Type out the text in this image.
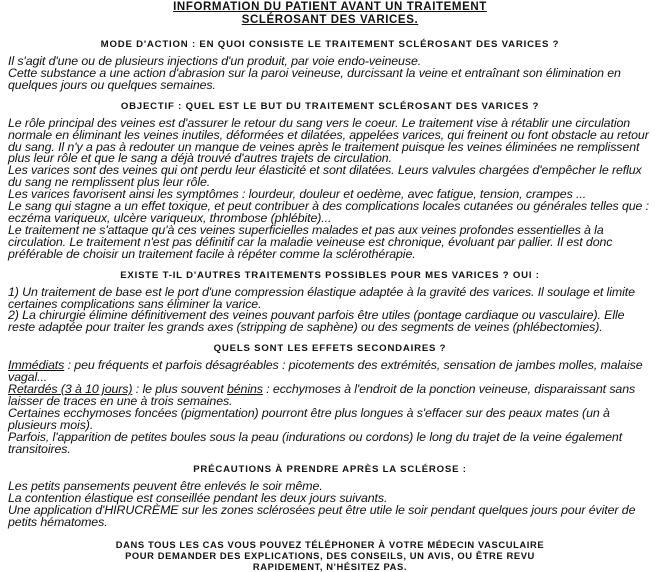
INFORMATION DU PATIENT AVANT UN TRAITEMENT
SCLÉROSANT DES VARICES.
MODE D'ACTION : EN QUOI CONSISTE LE TRAITEMENT SCLÉROSANT DES VARICES ?

Il s'agit d'une ou de plusieurs injections d'un produit, par voie endo-veineuse.

Cette substance a une action d'abrasion sur la paroi veineuse, durcissant la veine et entraînant son élimination en quelques jours ou quelques semaines.

OBJECTIF : QUEL EST LE BUT DU TRAITEMENT SCLÉROSANT DES VARICES ?

Le rôle principal des veines est d'assurer le retour du sang vers le coeur. Le traitement vise à rétablir une circulation normale en éliminant les veines inutiles, déformées et dilatées, appelées varices, qui freinent ou font obstacle au retour du sang. Il n'y a pas à redouter un manque de veines après le traitement puisque les veines éliminées ne remplissent plus leur rôle et que le sang a déjà trouvé d'autres trajets de circulation.

Les varices sont des veines qui ont perdu leur élasticité et sont dilatées. Leurs valvules chargées d'empêcher le reflux du sang ne remplissent plus leur rôle.

Les varices favorisent ainsi les symptômes : lourdeur, douleur et oedème, avec fatigue, tension, crampes ...

Le sang qui stagne a un effet toxique, et peut contribuer à des complications locales cutanées ou générales telles que : eczéma variqueux, ulcère variqueux, thrombose (phlébite)...

Le traitement ne s'attaque qu'à ces veines superficielles malades et pas aux veines profondes essentielles à la circulation. Le traitement n'est pas définitif car la maladie veineuse est chronique, évoluant par pallier. Il est donc préférable de choisir un traitement facile à répéter comme la sclérothérapie.

EXISTE T-IL D'AUTRES TRAITEMENTS POSSIBLES POUR MES VARICES ? OUI :

1) Un traitement de base est le port d'une compression élastique adaptée à la gravité des varices. Il soulage et limite certaines complications sans éliminer la varice.

2) La chirurgie élimine définitivement des veines pouvant parfois être utiles (pontage cardiaque ou vasculaire). Elle reste adaptée pour traiter les grands axes (stripping de saphène) ou des segments de veines (phlébectomies).

QUELS SONT LES EFFETS SECONDAIRES ?

Immédiats : peu fréquents et parfois désagréables : picotements des extrémités, sensation de jambes molles, malaise vagal...

Retardés (3 à 10 jours) : le plus souvent bénins : ecchymoses à l'endroit de la ponction veineuse, disparaissant sans laisser de traces en une à trois semaines.

Certaines ecchymoses foncées (pigmentation) pourront être plus longues à s'effacer sur des peaux mates (un à plusieurs mois).

Parfois, l'apparition de petites boules sous la peau (indurations ou cordons) le long du trajet de la veine également transitoires.

PRÉCAUTIONS À PRENDRE APRÈS LA SCLÉROSE :

Les petits pansements peuvent être enlevés le soir même.

La contention élastique est conseillée pendant les deux jours suivants.

Une application d'HIRUCRÈME sur les zones sclérosées peut être utile le soir pendant quelques jours pour éviter de petits hématomes.

DANS TOUS LES CAS VOUS POUVEZ TÉLÉPHONER À VOTRE MÉDECIN VASCULAIRE
POUR DEMANDER DES EXPLICATIONS, DES CONSEILS, UN AVIS, OU ÊTRE REVU
RAPIDEMENT, N'HÉSITEZ PAS.
